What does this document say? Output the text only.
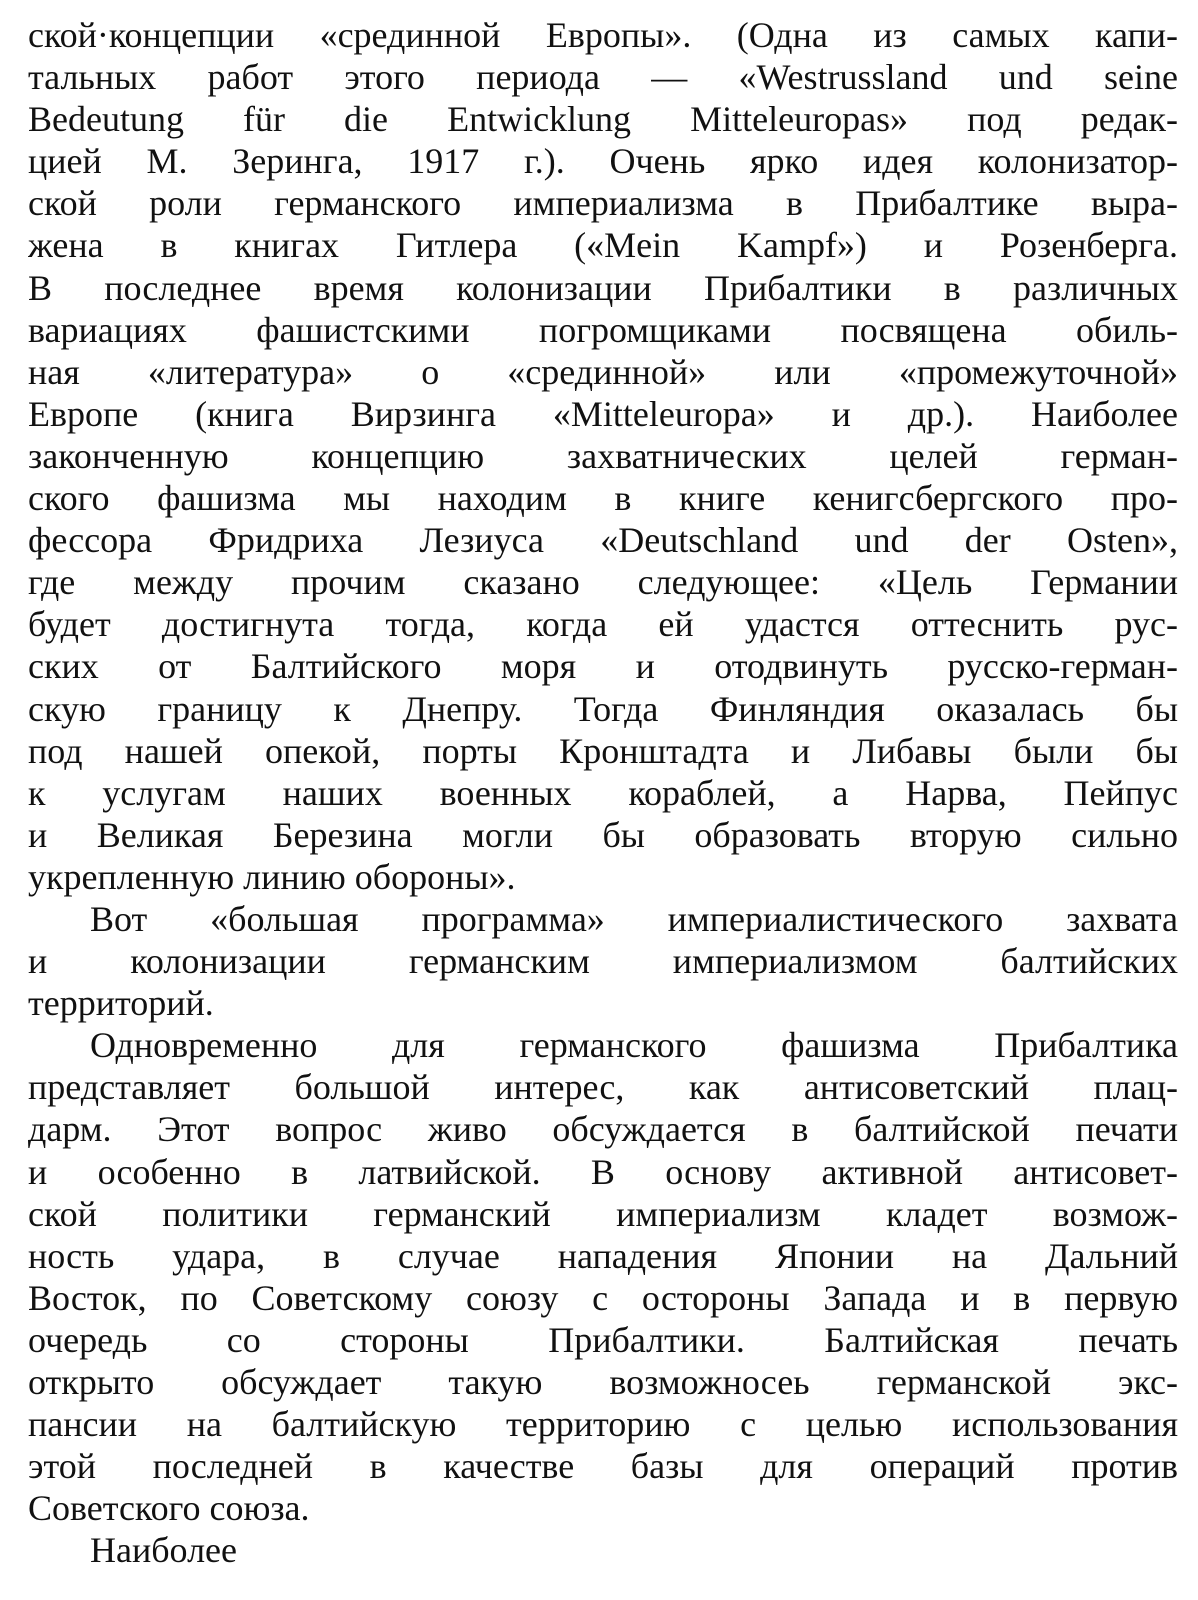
ской·концепции «срединной Европы». (Одна из самых капи-
тальных работ этого периода — «Westrussland und seine
Bedeutung für die Entwicklung Mitteleuropas» под редак-
цией М. Зеринга, 1917 г.). Очень ярко идея колонизатор-
ской роли германского империализма в Прибалтике выра-
жена в книгах Гитлера («Mein Kampf») и Розенберга.
В последнее время колонизации Прибалтики в различных
вариациях фашистскими погромщиками посвящена обиль-
ная «литература» о «срединной» или «промежуточной»
Европе (книга Вирзинга «Mitteleuropa» и др.). Наиболее
законченную концепцию захватнических целей герман-
ского фашизма мы находим в книге кенигсбергского про-
фессора Фридриха Лезиуса «Deutschland und der Osten»,
где между прочим сказано следующее: «Цель Германии
будет достигнута тогда, когда ей удастся оттеснить рус-
ских от Балтийского моря и отодвинуть русско-герман-
скую границу к Днепру. Тогда Финляндия оказалась бы
под нашей опекой, порты Кронштадта и Либавы были бы
к услугам наших военных кораблей, а Нарва, Пейпус
и Великая Березина могли бы образовать вторую сильно
укрепленную линию обороны».
Вот «большая программа» империалистического захвата
и колонизации германским империализмом балтийских
территорий.
Одновременно для германского фашизма Прибалтика
представляет большой интерес, как антисоветский плац-
дарм. Этот вопрос живо обсуждается в балтийской печати
и особенно в латвийской. В основу активной антисовет-
ской политики германский империализм кладет возмож-
ность удара, в случае нападения Японии на Дальний
Восток, по Советскому союзу с остороны Запада и в первую
очередь со стороны Прибалтики. Балтийская печать
открыто обсуждает такую возможносеь германской экс-
пансии на балтийскую территорию с целью использования
этой последней в качестве базы для операций против
Советского союза.
Наиболее
